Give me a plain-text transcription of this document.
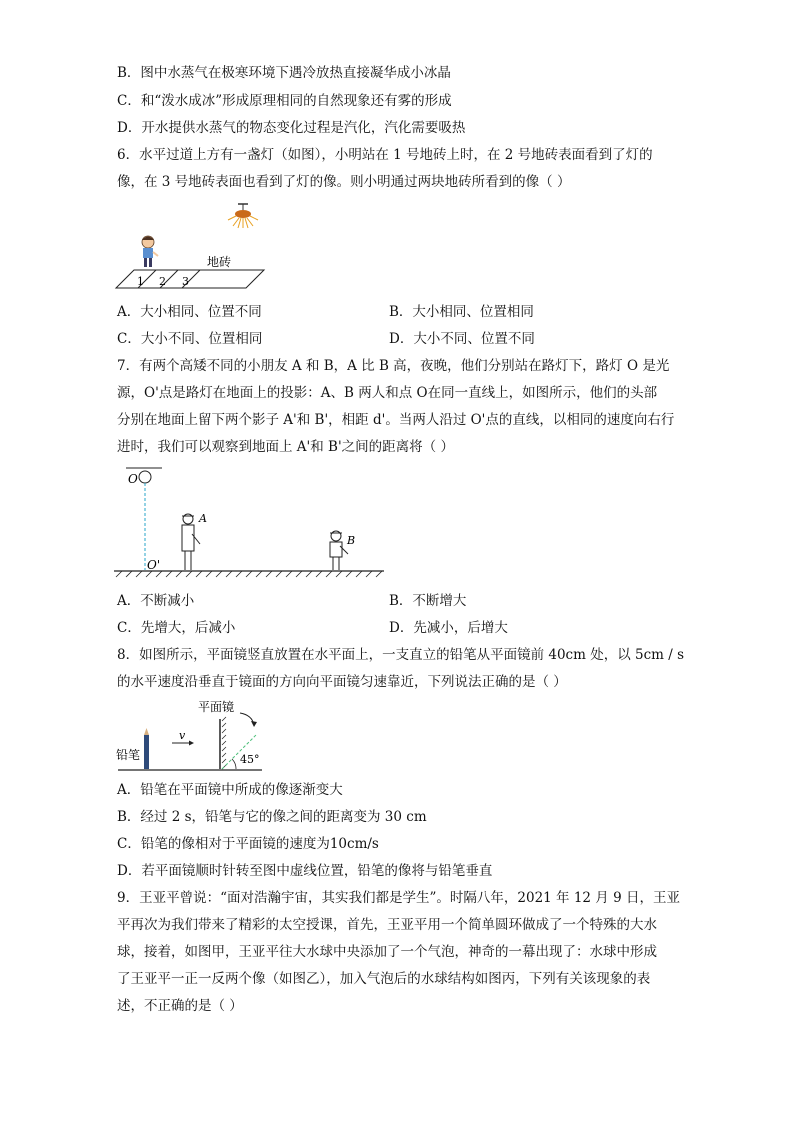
B．图中水蒸气在极寒环境下遇冷放热直接凝华成小冰晶
C．和“泼水成冰”形成原理相同的自然现象还有雾的形成
D．开水提供水蒸气的物态变化过程是汽化，汽化需要吸热
6．水平过道上方有一盏灯（如图），小明站在 1 号地砖上时，在 2 号地砖表面看到了灯的
像，在 3 号地砖表面也看到了灯的像。则小明通过两块地砖所看到的像（ ）
1 2 3
地砖
A．大小相同、位置不同	B．大小相同、位置相同
C．大小不同、位置相同	D．大小不同、位置不同
7．有两个高矮不同的小朋友 A 和 B，A 比 B 高，夜晚，他们分别站在路灯下，路灯 O 是光
源，O'点是路灯在地面上的投影：A、B 两人和点 O在同一直线上，如图所示，他们的头部
分别在地面上留下两个影子 A'和 B'，相距 d'。当两人沿过 O'点的直线，以相同的速度向右行
进时，我们可以观察到地面上 A'和 B'之间的距离将（ ）
O
O'
A
B
A．不断减小	B．不断增大
C．先增大，后减小	D．先减小，后增大
8．如图所示，平面镜竖直放置在水平面上，一支直立的铅笔从平面镜前 40cm 处，以 5cm / s
的水平速度沿垂直于镜面的方向向平面镜匀速靠近，下列说法正确的是（ ）
平面镜
45°
铅笔
v
A．铅笔在平面镜中所成的像逐渐变大
B．经过 2 s，铅笔与它的像之间的距离变为 30 cm
C．铅笔的像相对于平面镜的速度为10cm/s
D．若平面镜顺时针转至图中虚线位置，铅笔的像将与铅笔垂直
9．王亚平曾说：“面对浩瀚宇宙，其实我们都是学生”。时隔八年，2021 年 12 月 9 日，王亚
平再次为我们带来了精彩的太空授课，首先，王亚平用一个简单圆环做成了一个特殊的大水
球，接着，如图甲，王亚平往大水球中央添加了一个气泡，神奇的一幕出现了：水球中形成
了王亚平一正一反两个像（如图乙），加入气泡后的水球结构如图丙，下列有关该现象的表
述，不正确的是（ ）
